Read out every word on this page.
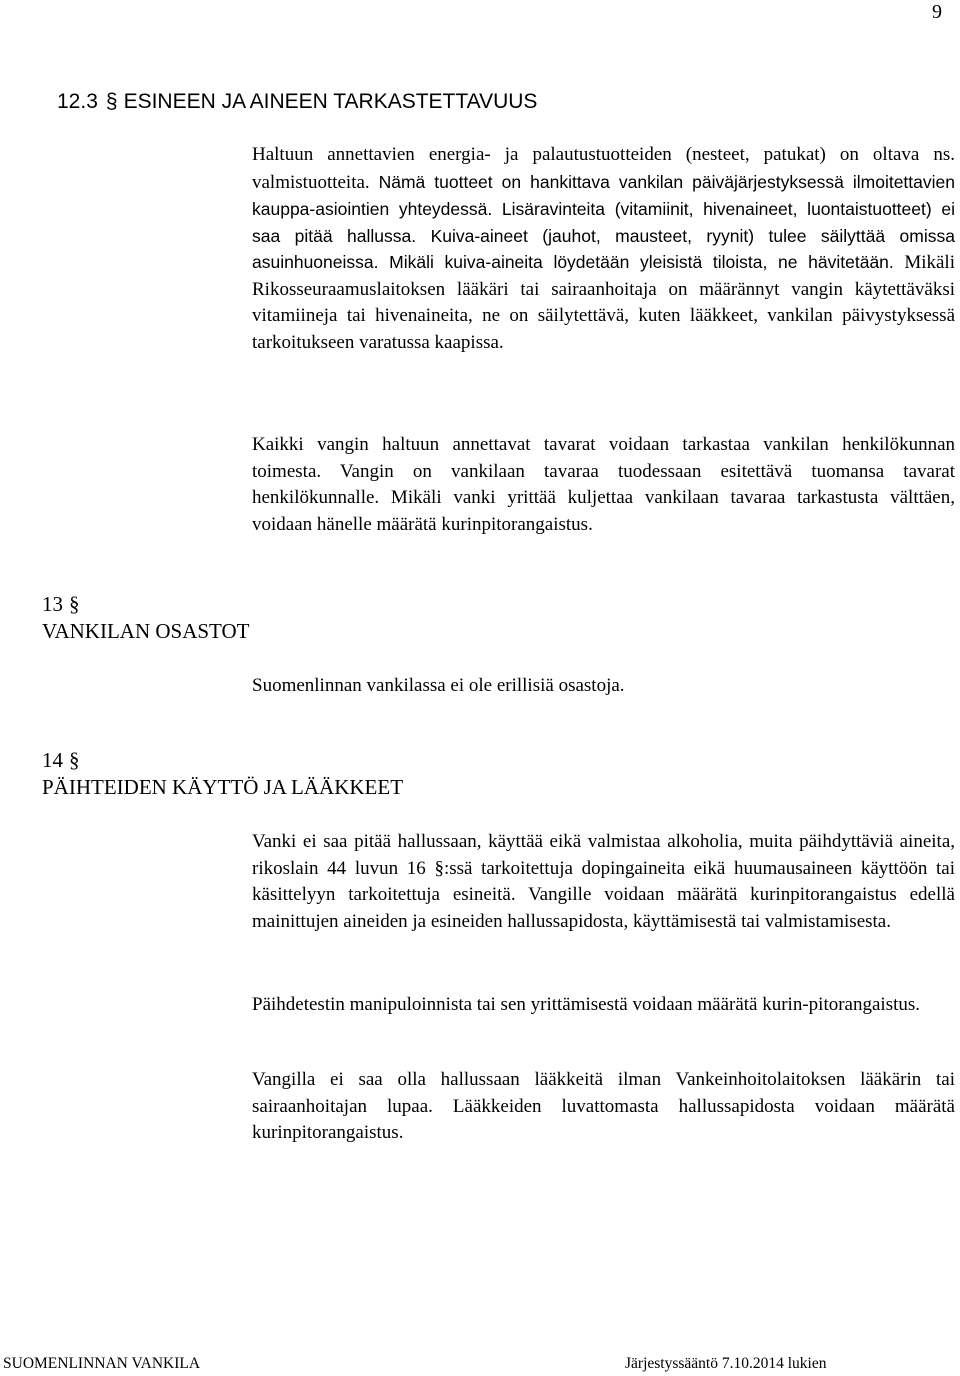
9
12.3 § ESINEEN JA AINEEN TARKASTETTAVUUS

Haltuun annettavien energia- ja palautustuotteiden (nesteet, patukat) on oltava ns. valmistuotteita. Nämä tuotteet on hankittava vankilan päiväjärjestyksessä ilmoitettavien kauppa-asiointien yhteydessä. Lisäravinteita (vitamiinit, hivenaineet, luontaistuotteet) ei saa pitää hallussa. Kuiva-aineet (jauhot, mausteet, ryynit) tulee säilyttää omissa asuinhuoneissa. Mikäli kuiva-aineita löydetään yleisistä tiloista, ne hävitetään. Mikäli Rikosseuraamuslaitoksen lääkäri tai sairaanhoitaja on määrännyt vangin käytettäväksi vitamiineja tai hivenaineita, ne on säilytettävä, kuten lääkkeet, vankilan päivystyksessä tarkoitukseen varatussa kaapissa.

Kaikki vangin haltuun annettavat tavarat voidaan tarkastaa vankilan henkilökunnan toimesta. Vangin on vankilaan tavaraa tuodessaan esitettävä tuomansa tavarat henkilökunnalle. Mikäli vanki yrittää kuljettaa vankilaan tavaraa tarkastusta välttäen, voidaan hänelle määrätä kurinpitorangaistus.

13 §
VANKILAN OSASTOT

Suomenlinnan vankilassa ei ole erillisiä osastoja.

14 §
PÄIHTEIDEN KÄYTTÖ JA LÄÄKKEET

Vanki ei saa pitää hallussaan, käyttää eikä valmistaa alkoholia, muita päihdyttäviä aineita, rikoslain 44 luvun 16 §:ssä tarkoitettuja dopingaineita eikä huumausaineen käyttöön tai käsittelyyn tarkoitettuja esineitä. Vangille voidaan määrätä kurinpitorangaistus edellä mainittujen aineiden ja esineiden hallussapidosta, käyttämisestä tai valmistamisesta.

Päihdetestin manipuloinnista tai sen yrittämisestä voidaan määrätä kurin-pitorangaistus.

Vangilla ei saa olla hallussaan lääkkeitä ilman Vankeinhoitolaitoksen lääkärin tai sairaanhoitajan lupaa. Lääkkeiden luvattomasta hallussapidosta voidaan määrätä kurinpitorangaistus.

SUOMENLINNAN VANKILA	Järjestyssääntö 7.10.2014 lukien
